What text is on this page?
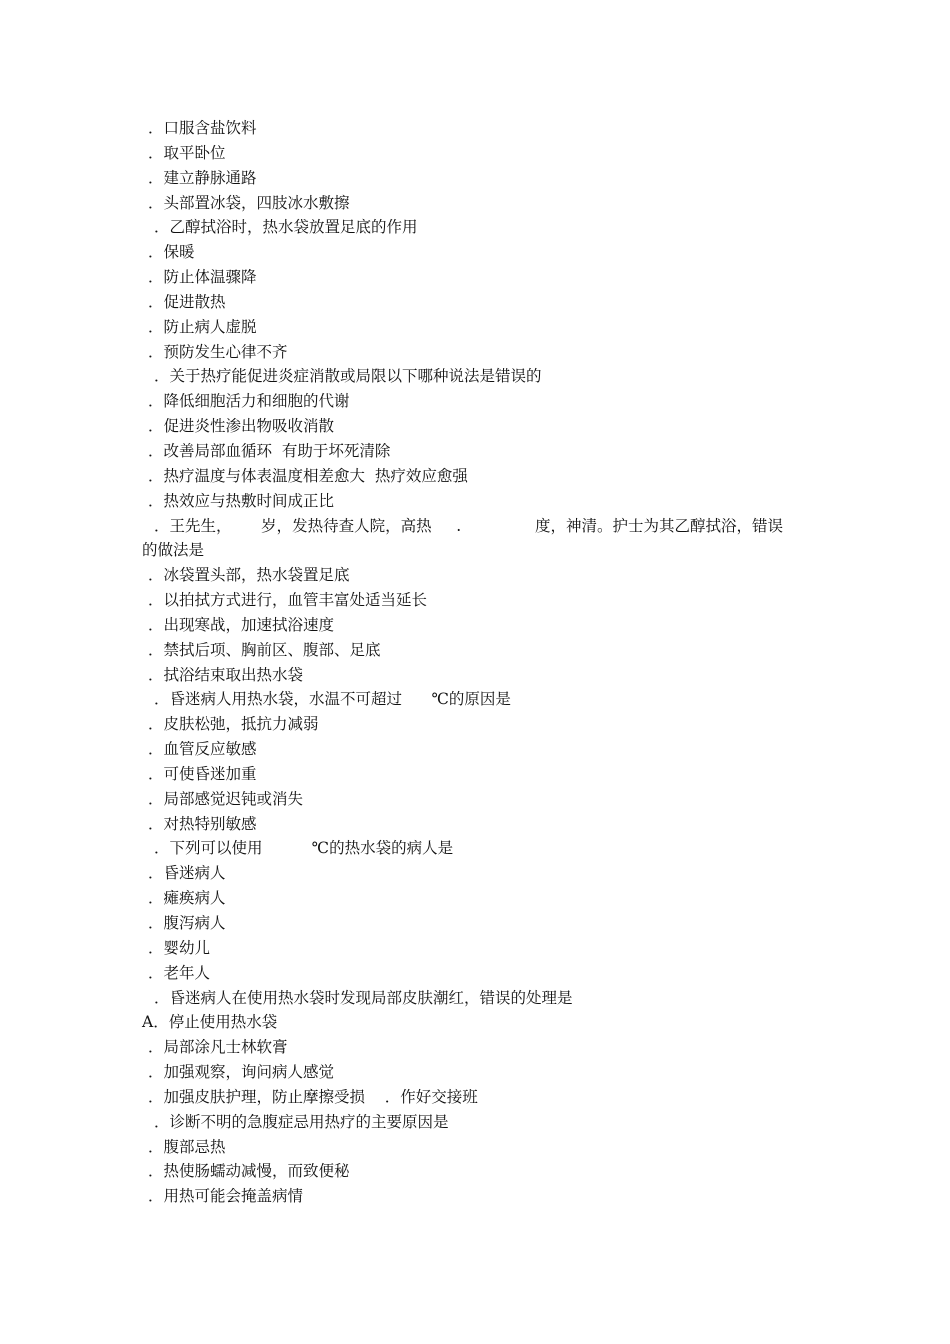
．口服含盐饮料
．取平卧位
．建立静脉通路
．头部置冰袋，四肢冰水敷擦
．乙醇拭浴时，热水袋放置足底的作用
．保暖
．防止体温骤降
．促进散热
．防止病人虚脱
．预防发生心律不齐
．关于热疗能促进炎症消散或局限以下哪种说法是错误的
．降低细胞活力和细胞的代谢
．促进炎性渗出物吸收消散
．改善局部血循环  有助于坏死清除
．热疗温度与体表温度相差愈大  热疗效应愈强
．热效应与热敷时间成正比
．王先生，      岁，发热待查人院，高热     .               度，神清。护士为其乙醇拭浴，错误
的做法是
．冰袋置头部，热水袋置足底
．以拍拭方式进行，血管丰富处适当延长
．出现寒战，加速拭浴速度
．禁拭后项、胸前区、腹部、足底
．拭浴结束取出热水袋
．昏迷病人用热水袋，水温不可超过      ℃的原因是
．皮肤松弛，抵抗力减弱
．血管反应敏感
．可使昏迷加重
．局部感觉迟钝或消失
．对热特别敏感
．下列可以使用          ℃的热水袋的病人是
．昏迷病人
．瘫痪病人
．腹泻病人
．婴幼儿
．老年人
．昏迷病人在使用热水袋时发现局部皮肤潮红，错误的处理是
A．停止使用热水袋
．局部涂凡士林软膏
．加强观察，询问病人感觉
．加强皮肤护理，防止摩擦受损    ．作好交接班
．诊断不明的急腹症忌用热疗的主要原因是
．腹部忌热
．热使肠蠕动减慢，而致便秘
．用热可能会掩盖病情
